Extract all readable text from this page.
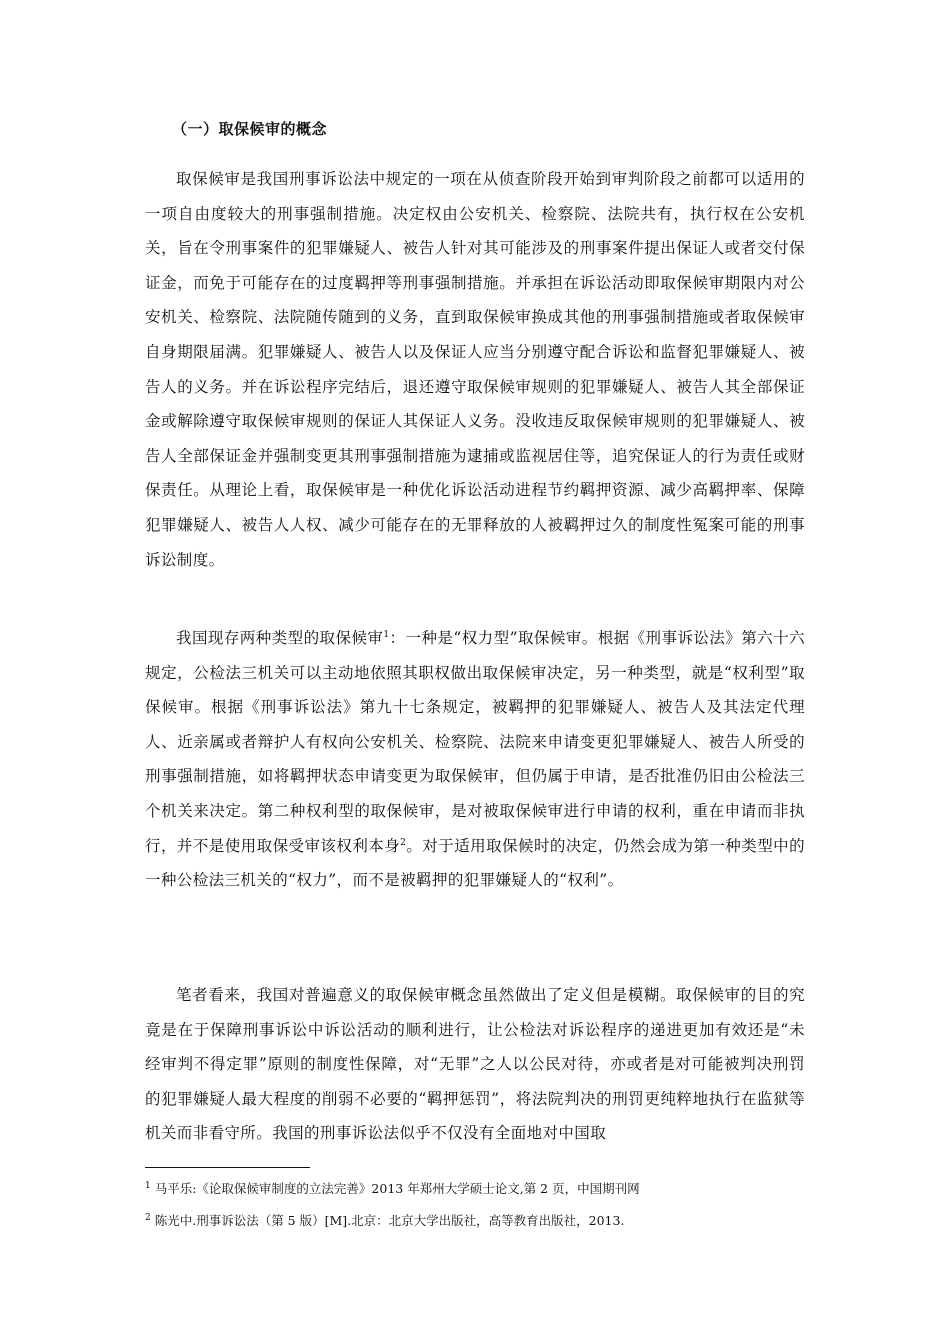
（一）取保候审的概念

取保候审是我国刑事诉讼法中规定的一项在从侦查阶段开始到审判阶段之前都可以适用的一项自由度较大的刑事强制措施。决定权由公安机关、检察院、法院共有，执行权在公安机关，旨在令刑事案件的犯罪嫌疑人、被告人针对其可能涉及的刑事案件提出保证人或者交付保证金，而免于可能存在的过度羁押等刑事强制措施。并承担在诉讼活动即取保候审期限内对公安机关、检察院、法院随传随到的义务，直到取保候审换成其他的刑事强制措施或者取保候审自身期限届满。犯罪嫌疑人、被告人以及保证人应当分别遵守配合诉讼和监督犯罪嫌疑人、被告人的义务。并在诉讼程序完结后，退还遵守取保候审规则的犯罪嫌疑人、被告人其全部保证金或解除遵守取保候审规则的保证人其保证人义务。没收违反取保候审规则的犯罪嫌疑人、被告人全部保证金并强制变更其刑事强制措施为逮捕或监视居住等，追究保证人的行为责任或财保责任。从理论上看，取保候审是一种优化诉讼活动进程节约羁押资源、减少高羁押率、保障犯罪嫌疑人、被告人人权、减少可能存在的无罪释放的人被羁押过久的制度性冤案可能的刑事诉讼制度。

我国现存两种类型的取保候审$^1$：一种是“权力型”取保候审。根据《刑事诉讼法》第六十六规定，公检法三机关可以主动地依照其职权做出取保候审决定，另一种类型，就是“权利型”取保候审。根据《刑事诉讼法》第九十七条规定，被羁押的犯罪嫌疑人、被告人及其法定代理人、近亲属或者辩护人有权向公安机关、检察院、法院来申请变更犯罪嫌疑人、被告人所受的刑事强制措施，如将羁押状态申请变更为取保候审，但仍属于申请，是否批准仍旧由公检法三个机关来决定。第二种权利型的取保候审，是对被取保候审进行申请的权利，重在申请而非执行，并不是使用取保受审该权利本身$^2$。对于适用取保候时的决定，仍然会成为第一种类型中的一种公检法三机关的“权力”，而不是被羁押的犯罪嫌疑人的“权利”。

笔者看来，我国对普遍意义的取保候审概念虽然做出了定义但是模糊。取保候审的目的究竟是在于保障刑事诉讼中诉讼活动的顺利进行，让公检法对诉讼程序的递进更加有效还是“未经审判不得定罪”原则的制度性保障，对“无罪”之人以公民对待，亦或者是对可能被判决刑罚的犯罪嫌疑人最大程度的削弱不必要的“羁押惩罚”，将法院判决的刑罚更纯粹地执行在监狱等机关而非看守所。我国的刑事诉讼法似乎不仅没有全面地对中国取

$^1$ 马平乐:《论取保候审制度的立法完善》2013 年郑州大学硕士论文,第 2 页，中国期刊网

$^2$ 陈光中.刑事诉讼法（第 5 版）[M].北京：北京大学出版社，高等教育出版社，2013.
